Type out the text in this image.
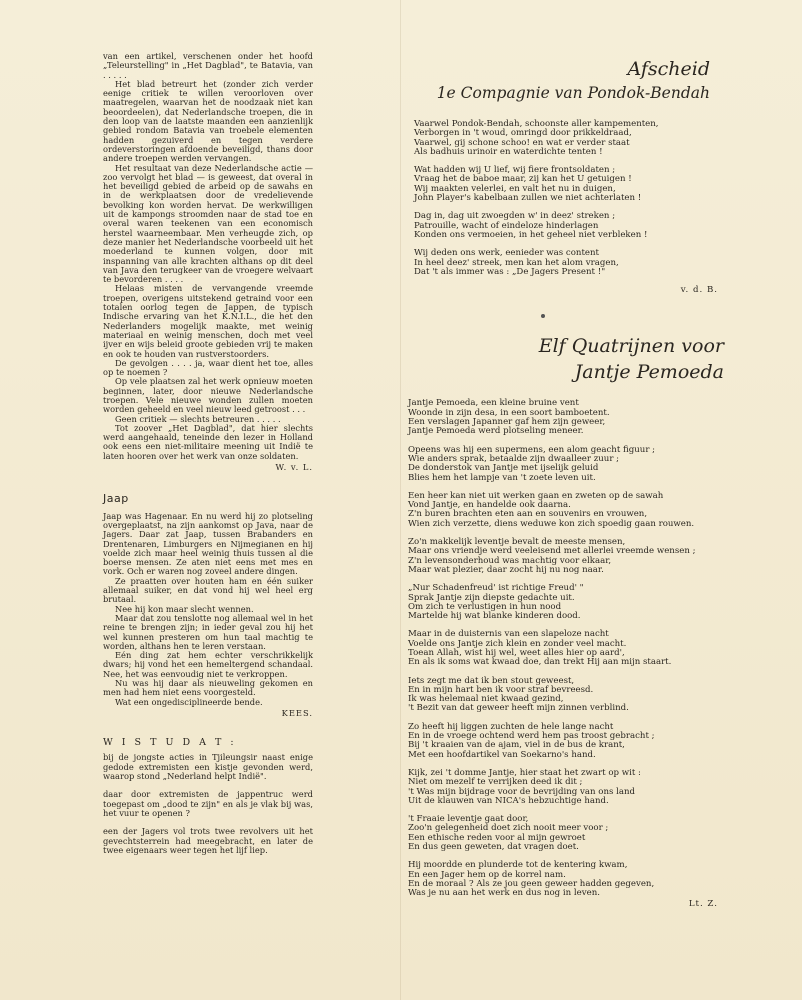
van een artikel, verschenen onder het hoofd „Teleurstelling" in „Het Dagblad", te Batavia, van . . . . .

Het blad betreurt het (zonder zich verder eenige critiek te willen veroorloven over maatregelen, waarvan het de noodzaak niet kan beoordeelen), dat Nederlandsche troepen, die in den loop van de laatste maanden een aanzienlijk gebied rondom Batavia van troebele elementen hadden gezuiverd en tegen verdere ordeverstoringen afdoende beveiligd, thans door andere troepen werden vervangen.

Het resultaat van deze Nederlandsche actie — zoo vervolgt het blad — is geweest, dat overal in het beveiligd gebied de arbeid op de sawahs en in de werkplaatsen door de vredelievende bevolking kon worden hervat. De werkwilligen uit de kampongs stroomden naar de stad toe en overal waren teekenen van een economisch herstel waarneembaar. Men verheugde zich, op deze manier het Nederlandsche voorbeeld uit het moederland te kunnen volgen, door mit inspanning van alle krachten althans op dit deel van Java den terugkeer van de vroegere welvaart te bevorderen . . . .

Helaas misten de vervangende vreemde troepen, overigens uitstekend getraind voor een totalen oorlog tegen de Jappen, de typisch Indische ervaring van het K.N.I.L., die het den Nederlanders mogelijk maakte, met weinig materiaal en weinig menschen, doch met veel ijver en wijs beleid groote gebieden vrij te maken en ook te houden van rustverstoorders.

De gevolgen . . . . ja, waar dient het toe, alles op te noemen ?

Op vele plaatsen zal het werk opnieuw moeten beginnen, later, door nieuwe Nederlandsche troepen. Vele nieuwe wonden zullen moeten worden geheeld en veel nieuw leed getroost . . .

Geen critiek — slechts betreuren . . . . .

Tot zoover „Het Dagblad", dat hier slechts werd aangehaald, teneinde den lezer in Holland ook eens een niet-militaire meening uit Indië te laten hooren over het werk van onze soldaten.

W. v. L.

Jaap

Jaap was Hagenaar. En nu werd hij zo plotseling overgeplaatst, na zijn aankomst op Java, naar de Jagers. Daar zat Jaap, tussen Brabanders en Drentenaren, Limburgers en Nijmegianen en hij voelde zich maar heel weinig thuis tussen al die boerse mensen. Ze aten niet eens met mes en vork. Och er waren nog zoveel andere dingen.

Ze praatten over houten ham en één suiker allemaal suiker, en dat vond hij wel heel erg brutaal.

Nee hij kon maar slecht wennen.

Maar dat zou tenslotte nog allemaal wel in het reine te brengen zijn; in ieder geval zou hij het wel kunnen presteren om hun taal machtig te worden, althans hen te leren verstaan.

Eén ding zat hem echter verschrikkelijk dwars; hij vond het een hemeltergend schandaal. Nee, het was eenvoudig niet te verkroppen.

Nu was hij daar als nieuweling gekomen en men had hem niet eens voorgesteld.

Wat een ongedisciplineerde bende.

KEES.

W I S T U D A T :

bij de jongste acties in Tjileungsir naast enige gedode extremisten een kistje gevonden werd, waarop stond „Nederland helpt Indië".

daar door extremisten de jappentruc werd toegepast om „dood te zijn" en als je vlak bij was, het vuur te openen ?

een der Jagers vol trots twee revolvers uit het gevechtsterrein had meegebracht, en later de twee eigenaars weer tegen het lijf liep.

Afscheid
1e Compagnie van Pondok-Bendah
Vaarwel Pondok-Bendah, schoonste aller kampementen,
Verborgen in 't woud, omringd door prikkeldraad,
Vaarwel, gij schone schoo! en wat er verder staat
Als badhuis urinoir en waterdichte tenten !
Wat hadden wij U lief, wij fiere frontsoldaten ;
Vraag het de baboe maar, zij kan het U getuigen !
Wij maakten velerlei, en valt het nu in duigen,
John Player's kabelbaan zullen we niet achterlaten !
Dag in, dag uit zwoegden w' in deez' streken ;
Patrouille, wacht of eindeloze hinderlagen
Konden ons vermoeien, in het geheel niet verbleken !
Wij deden ons werk, eenieder was content
In heel deez' streek, men kan het alom vragen,
Dat 't als immer was : „De Jagers Present !"

v. d. B.

Elf Quatrijnen voor
Jantje Pemoeda
Jantje Pemoeda, een kleine bruine vent
Woonde in zijn desa, in een soort bamboetent.
Een verslagen Japanner gaf hem zijn geweer,
Jantje Pemoeda werd plotseling meneer.
Opeens was hij een supermens, een alom geacht figuur ;
Wie anders sprak, betaalde zijn dwaalleer zuur ;
De donderstok van Jantje met ijselijk geluid
Blies hem het lampje van 't zoete leven uit.
Een heer kan niet uit werken gaan en zweten op de sawah
Vond Jantje, en handelde ook daarna.
Z'n buren brachten eten aan en souvenirs en vrouwen,
Wien zich verzette, diens weduwe kon zich spoedig gaan rouwen.
Zo'n makkelijk leventje bevalt de meeste mensen,
Maar ons vriendje werd veeleisend met allerlei vreemde wensen ;
Z'n levensonderhoud was machtig voor elkaar,
Maar wat plezier, daar zocht hij nu nog naar.
„Nur Schadenfreud' ist richtige Freud' "
Sprak Jantje zijn diepste gedachte uit.
Om zich te verlustigen in hun nood
Martelde hij wat blanke kinderen dood.
Maar in de duisternis van een slapeloze nacht
Voelde ons Jantje zich klein en zonder veel macht.
Toean Allah, wist hij wel, weet alles hier op aard',
En als ik soms wat kwaad doe, dan trekt Hij aan mijn staart.
Iets zegt me dat ik ben stout geweest,
En in mijn hart ben ik voor straf bevreesd.
Ik was helemaal niet kwaad gezind,
't Bezit van dat geweer heeft mijn zinnen verblind.
Zo heeft hij liggen zuchten de hele lange nacht
En in de vroege ochtend werd hem pas troost gebracht ;
Bij 't kraaien van de ajam, viel in de bus de krant,
Met een hoofdartikel van Soekarno's hand.
Kijk, zei 't domme Jantje, hier staat het zwart op wit :
Niet om mezelf te verrijken deed ik dit ;
't Was mijn bijdrage voor de bevrijding van ons land
Uit de klauwen van NICA's hebzuchtige hand.
't Fraaie leventje gaat door,
Zoo'n gelegenheid doet zich nooit meer voor ;
Een ethische reden voor al mijn gewroet
En dus geen geweten, dat vragen doet.
Hij moordde en plunderde tot de kentering kwam,
En een Jager hem op de korrel nam.
En de moraal ? Als ze jou geen geweer hadden gegeven,
Was je nu aan het werk en dus nog in leven.

Lt. Z.
